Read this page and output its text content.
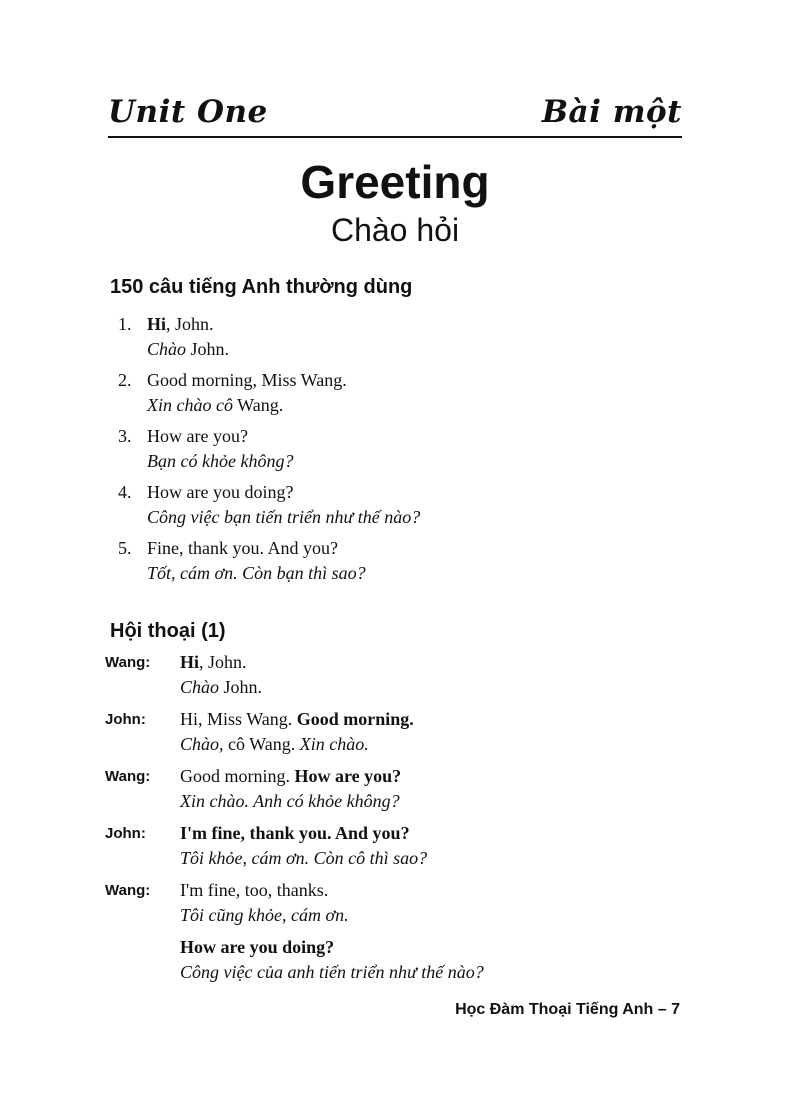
Unit One	Bài một
Greeting
Chào hỏi
150 câu tiếng Anh thường dùng
1. Hi, John.
Chào John.
2. Good morning, Miss Wang.
Xin chào cô Wang.
3. How are you?
Bạn có khỏe không?
4. How are you doing?
Công việc bạn tiến triển như thế nào?
5. Fine, thank you. And you?
Tốt, cám ơn. Còn bạn thì sao?
Hội thoại (1)
Wang: Hi, John.
Chào John.
John: Hi, Miss Wang. Good morning.
Chào, cô Wang. Xin chào.
Wang: Good morning. How are you?
Xin chào. Anh có khỏe không?
John: I'm fine, thank you. And you?
Tôi khỏe, cám ơn. Còn cô thì sao?
Wang: I'm fine, too, thanks.
Tôi cũng khỏe, cám ơn.
How are you doing?
Công việc của anh tiến triển như thế nào?
Học Đàm Thoại Tiếng Anh – 7
